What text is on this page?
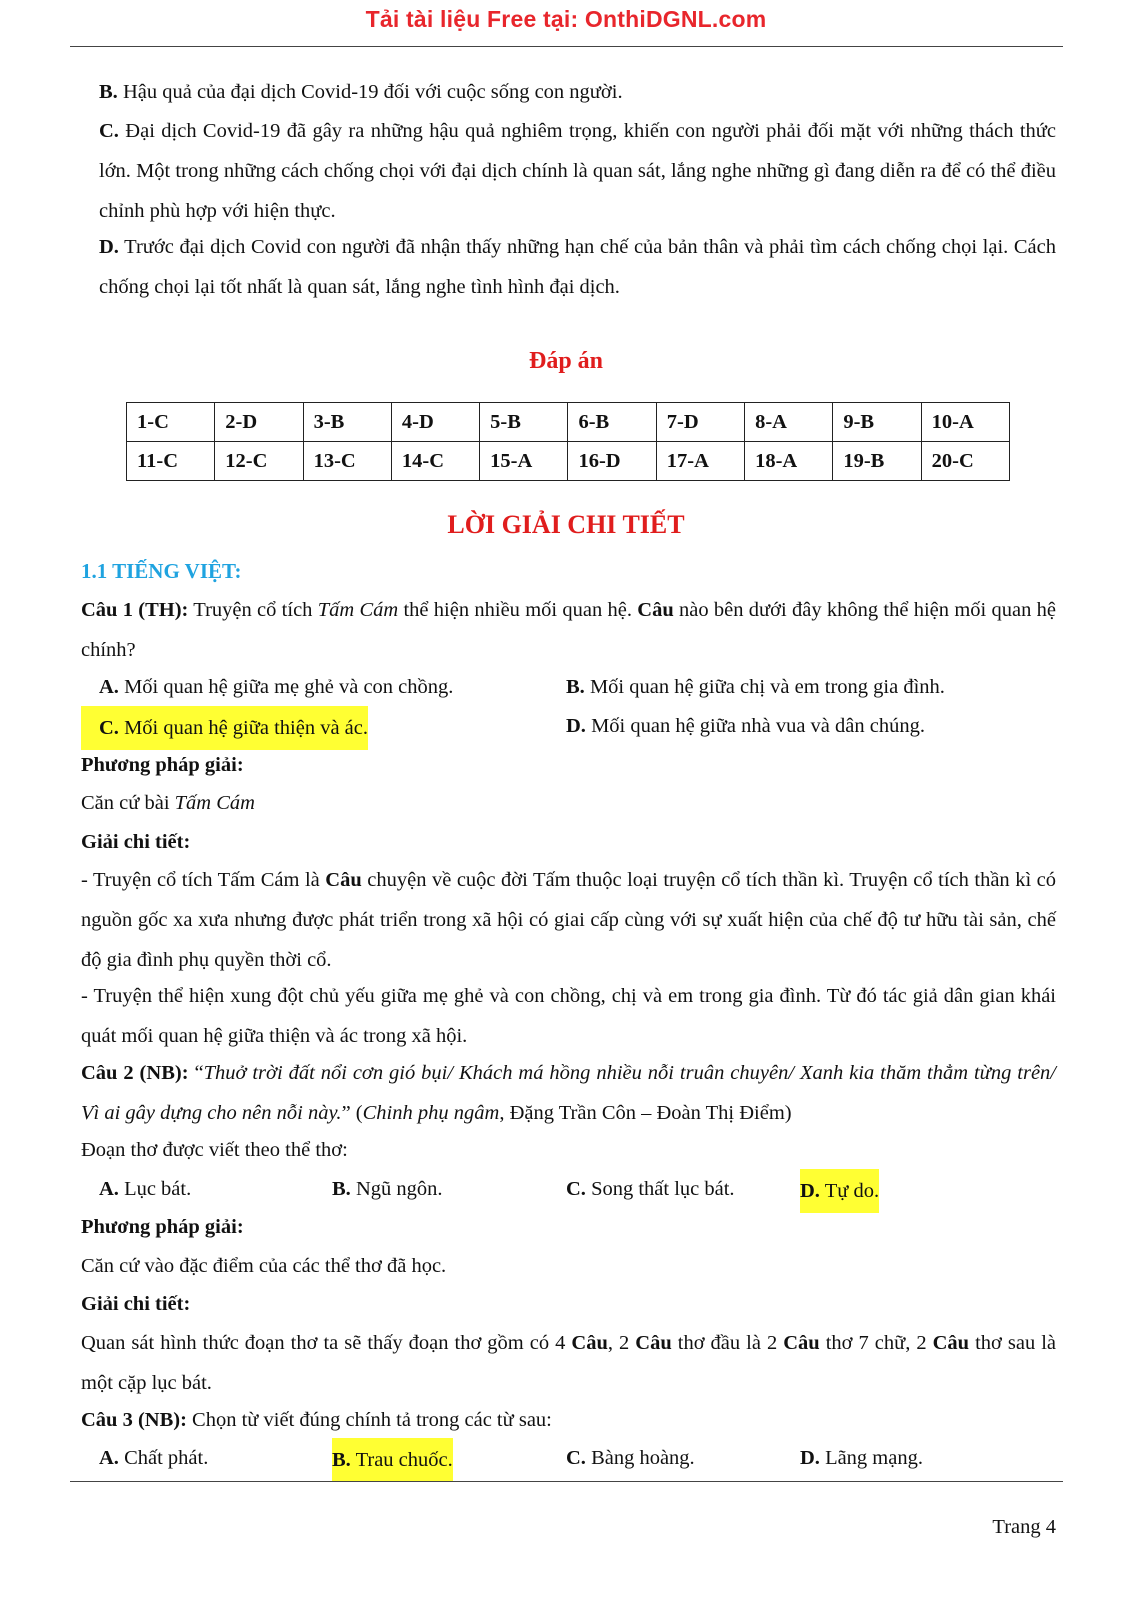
Tải tài liệu Free tại: OnthiDGNL.com
B. Hậu quả của đại dịch Covid-19 đối với cuộc sống con người.
C. Đại dịch Covid-19 đã gây ra những hậu quả nghiêm trọng, khiến con người phải đối mặt với những thách thức lớn. Một trong những cách chống chọi với đại dịch chính là quan sát, lắng nghe những gì đang diễn ra để có thể điều chỉnh phù hợp với hiện thực.
D. Trước đại dịch Covid con người đã nhận thấy những hạn chế của bản thân và phải tìm cách chống chọi lại. Cách chống chọi lại tốt nhất là quan sát, lắng nghe tình hình đại dịch.
Đáp án
1-C	2-D	3-B	4-D	5-B	6-B	7-D	8-A	9-B	10-A
11-C	12-C	13-C	14-C	15-A	16-D	17-A	18-A	19-B	20-C
LỜI GIẢI CHI TIẾT
1.1 TIẾNG VIỆT:
Câu 1 (TH): Truyện cổ tích Tấm Cám thể hiện nhiều mối quan hệ. Câu nào bên dưới đây không thể hiện mối quan hệ chính?
A. Mối quan hệ giữa mẹ ghẻ và con chồng.	B. Mối quan hệ giữa chị và em trong gia đình.
C. Mối quan hệ giữa thiện và ác.	D. Mối quan hệ giữa nhà vua và dân chúng.
Phương pháp giải:
Căn cứ bài Tấm Cám
Giải chi tiết:
- Truyện cổ tích Tấm Cám là Câu chuyện về cuộc đời Tấm thuộc loại truyện cổ tích thần kì. Truyện cổ tích thần kì có nguồn gốc xa xưa nhưng được phát triển trong xã hội có giai cấp cùng với sự xuất hiện của chế độ tư hữu tài sản, chế độ gia đình phụ quyền thời cổ.
- Truyện thể hiện xung đột chủ yếu giữa mẹ ghẻ và con chồng, chị và em trong gia đình. Từ đó tác giả dân gian khái quát mối quan hệ giữa thiện và ác trong xã hội.
Câu 2 (NB): “Thuở trời đất nổi cơn gió bụi/ Khách má hồng nhiều nỗi truân chuyên/ Xanh kia thăm thẳm từng trên/ Vì ai gây dựng cho nên nỗi này.” (Chinh phụ ngâm, Đặng Trần Côn – Đoàn Thị Điểm)
Đoạn thơ được viết theo thể thơ:
A. Lục bát.	B. Ngũ ngôn.	C. Song thất lục bát.	D. Tự do.
Phương pháp giải:
Căn cứ vào đặc điểm của các thể thơ đã học.
Giải chi tiết:
Quan sát hình thức đoạn thơ ta sẽ thấy đoạn thơ gồm có 4 Câu, 2 Câu thơ đầu là 2 Câu thơ 7 chữ, 2 Câu thơ sau là một cặp lục bát.
Câu 3 (NB): Chọn từ viết đúng chính tả trong các từ sau:
A. Chất phát.	B. Trau chuốc.	C. Bàng hoàng.	D. Lãng mạng.
Trang 4
